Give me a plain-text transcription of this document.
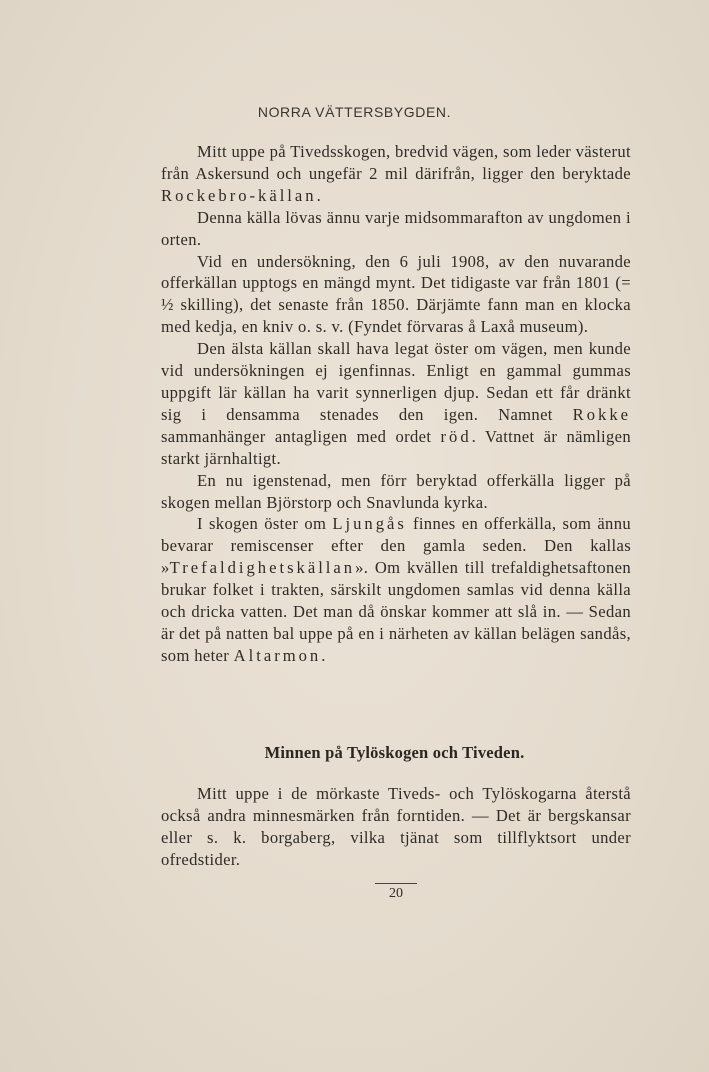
NORRA VÄTTERSBYGDEN.

Mitt uppe på Tivedsskogen, bredvid vägen, som leder västerut från Askersund och ungefär 2 mil därifrån, ligger den beryktade Rockebro-källan.

Denna källa lövas ännu varje midsommarafton av ungdomen i orten.

Vid en undersökning, den 6 juli 1908, av den nuvarande offerkällan upptogs en mängd mynt. Det tidigaste var från 1801 (= ½ skilling), det senaste från 1850. Därjämte fann man en klocka med kedja, en kniv o. s. v. (Fyndet förvaras å Laxå museum).

Den älsta källan skall hava legat öster om vägen, men kunde vid undersökningen ej igenfinnas. Enligt en gammal gummas uppgift lär källan ha varit synnerligen djup. Sedan ett får dränkt sig i densamma stenades den igen. Namnet Rokke sammanhänger antagligen med ordet röd. Vattnet är nämligen starkt järnhaltigt.

En nu igenstenad, men förr beryktad offerkälla ligger på skogen mellan Björstorp och Snavlunda kyrka.

I skogen öster om Ljungås finnes en offerkälla, som ännu bevarar remiscenser efter den gamla seden. Den kallas »Trefaldighetskällan». Om kvällen till trefaldighetsaftonen brukar folket i trakten, särskilt ungdomen samlas vid denna källa och dricka vatten. Det man då önskar kommer att slå in. — Sedan är det på natten bal uppe på en i närheten av källan belägen sandås, som heter Altarmon.

Minnen på Tylöskogen och Tiveden.

Mitt uppe i de mörkaste Tiveds- och Tylöskogarna återstå också andra minnesmärken från forntiden. — Det är bergskansar eller s. k. borgaberg, vilka tjänat som tillflyktsort under ofredstider.

20
